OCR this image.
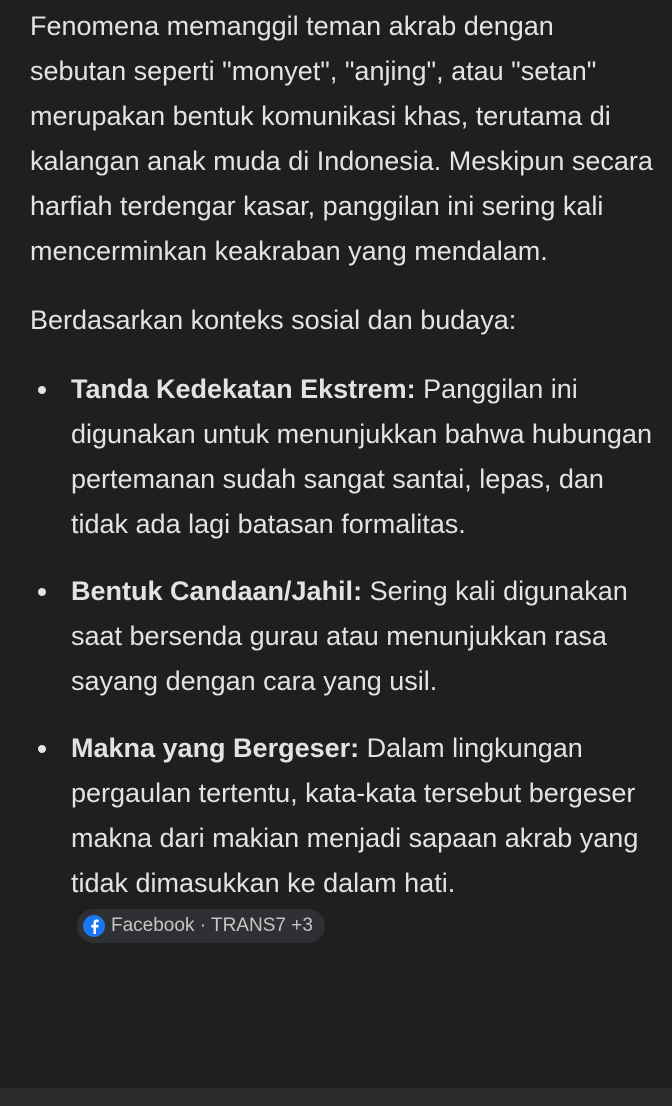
Fenomena memanggil teman akrab dengan sebutan seperti "monyet", "anjing", atau "setan" merupakan bentuk komunikasi khas, terutama di kalangan anak muda di Indonesia. Meskipun secara harfiah terdengar kasar, panggilan ini sering kali mencerminkan keakraban yang mendalam.

Berdasarkan konteks sosial dan budaya:

Tanda Kedekatan Ekstrem: Panggilan ini digunakan untuk menunjukkan bahwa hubungan pertemanan sudah sangat santai, lepas, dan tidak ada lagi batasan formalitas.
Bentuk Candaan/Jahil: Sering kali digunakan saat bersenda gurau atau menunjukkan rasa sayang dengan cara yang usil.
Makna yang Bergeser: Dalam lingkungan pergaulan tertentu, kata-kata tersebut bergeser makna dari makian menjadi sapaan akrab yang tidak dimasukkan ke dalam hati.
Facebook · TRANS7 +3
